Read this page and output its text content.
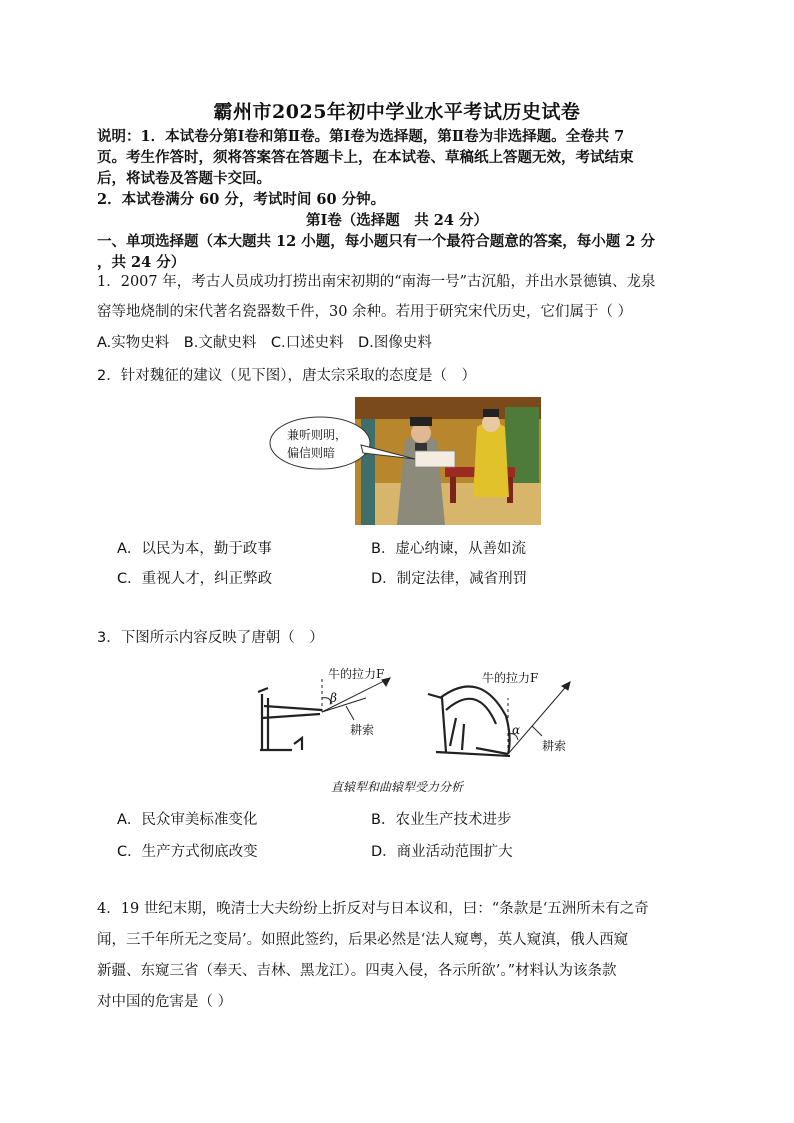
霸州市2025年初中学业水平考试历史试卷
说明：1．本试卷分第Ⅰ卷和第Ⅱ卷。第Ⅰ卷为选择题，第Ⅱ卷为非选择题。全卷共 7
页。考生作答时，须将答案答在答题卡上，在本试卷、草稿纸上答题无效，考试结束
后，将试卷及答题卡交回。
2．本试卷满分 60 分，考试时间 60 分钟。
第Ⅰ卷（选择题　共 24 分）
一、单项选择题（本大题共 12 小题，每小题只有一个最符合题意的答案，每小题 2 分
，共 24 分）
1．2007 年，考古人员成功打捞出南宋初期的“南海一号”古沉船，并出水景德镇、龙泉
窑等地烧制的宋代著名瓷器数千件，30 余种。若用于研究宋代历史，它们属于（ ）
A.实物史料　B.文献史料　C.口述史料　D.图像史料
2．针对魏征的建议（见下图），唐太宗采取的态度是（　）
兼听则明，
偏信则暗
A．以民为本，勤于政事	B．虚心纳谏，从善如流
C．重视人才，纠正弊政	D．制定法律，减省刑罚
3．下图所示内容反映了唐朝（　）
牛的拉力F
β
耕索
牛的拉力F
α
耕索
直辕犁和曲辕犁受力分析
A．民众审美标准变化	B．农业生产技术进步
C．生产方式彻底改变	D．商业活动范围扩大
4．19 世纪末期，晚清士大夫纷纷上折反对与日本议和，曰：“条款是‘五洲所未有之奇
闻，三千年所无之变局’。如照此签约，后果必然是‘法人窥粤，英人窥滇，俄人西窥
新疆、东窥三省（奉天、吉林、黑龙江）。四夷入侵，各示所欲’。”材料认为该条款
对中国的危害是（ ）
